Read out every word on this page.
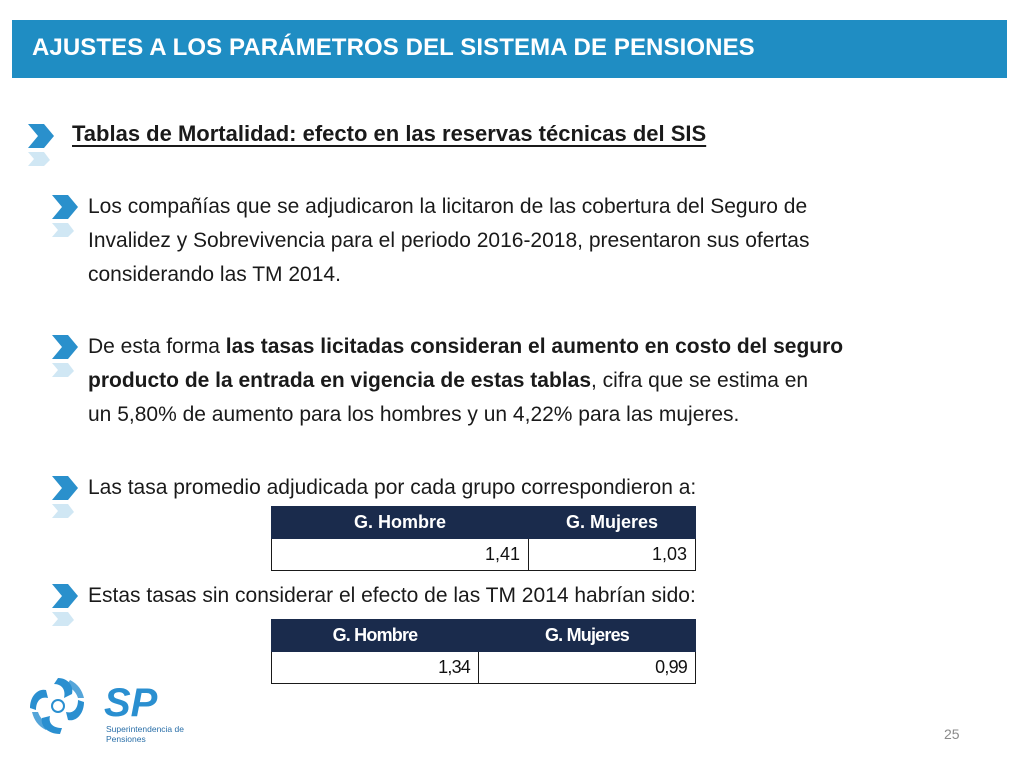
AJUSTES A LOS PARÁMETROS DEL SISTEMA DE PENSIONES
Tablas de Mortalidad: efecto en las reservas técnicas del SIS
Los compañías que se adjudicaron la licitaron de las cobertura del Seguro de
Invalidez y Sobrevivencia para el periodo 2016-2018, presentaron sus ofertas
considerando las TM 2014.
De esta forma las tasas licitadas consideran el aumento en costo del seguro
producto de la entrada en vigencia de estas tablas, cifra que se estima en
un 5,80% de aumento para los hombres y un 4,22% para las mujeres.
Las tasa promedio adjudicada por cada grupo correspondieron a:
G. Hombre	G. Mujeres
1,41	1,03
Estas tasas sin considerar el efecto de las TM 2014 habrían sido:
G. Hombre	G. Mujeres
1,34	0,99
SP
Superintendencia de
Pensiones	25
